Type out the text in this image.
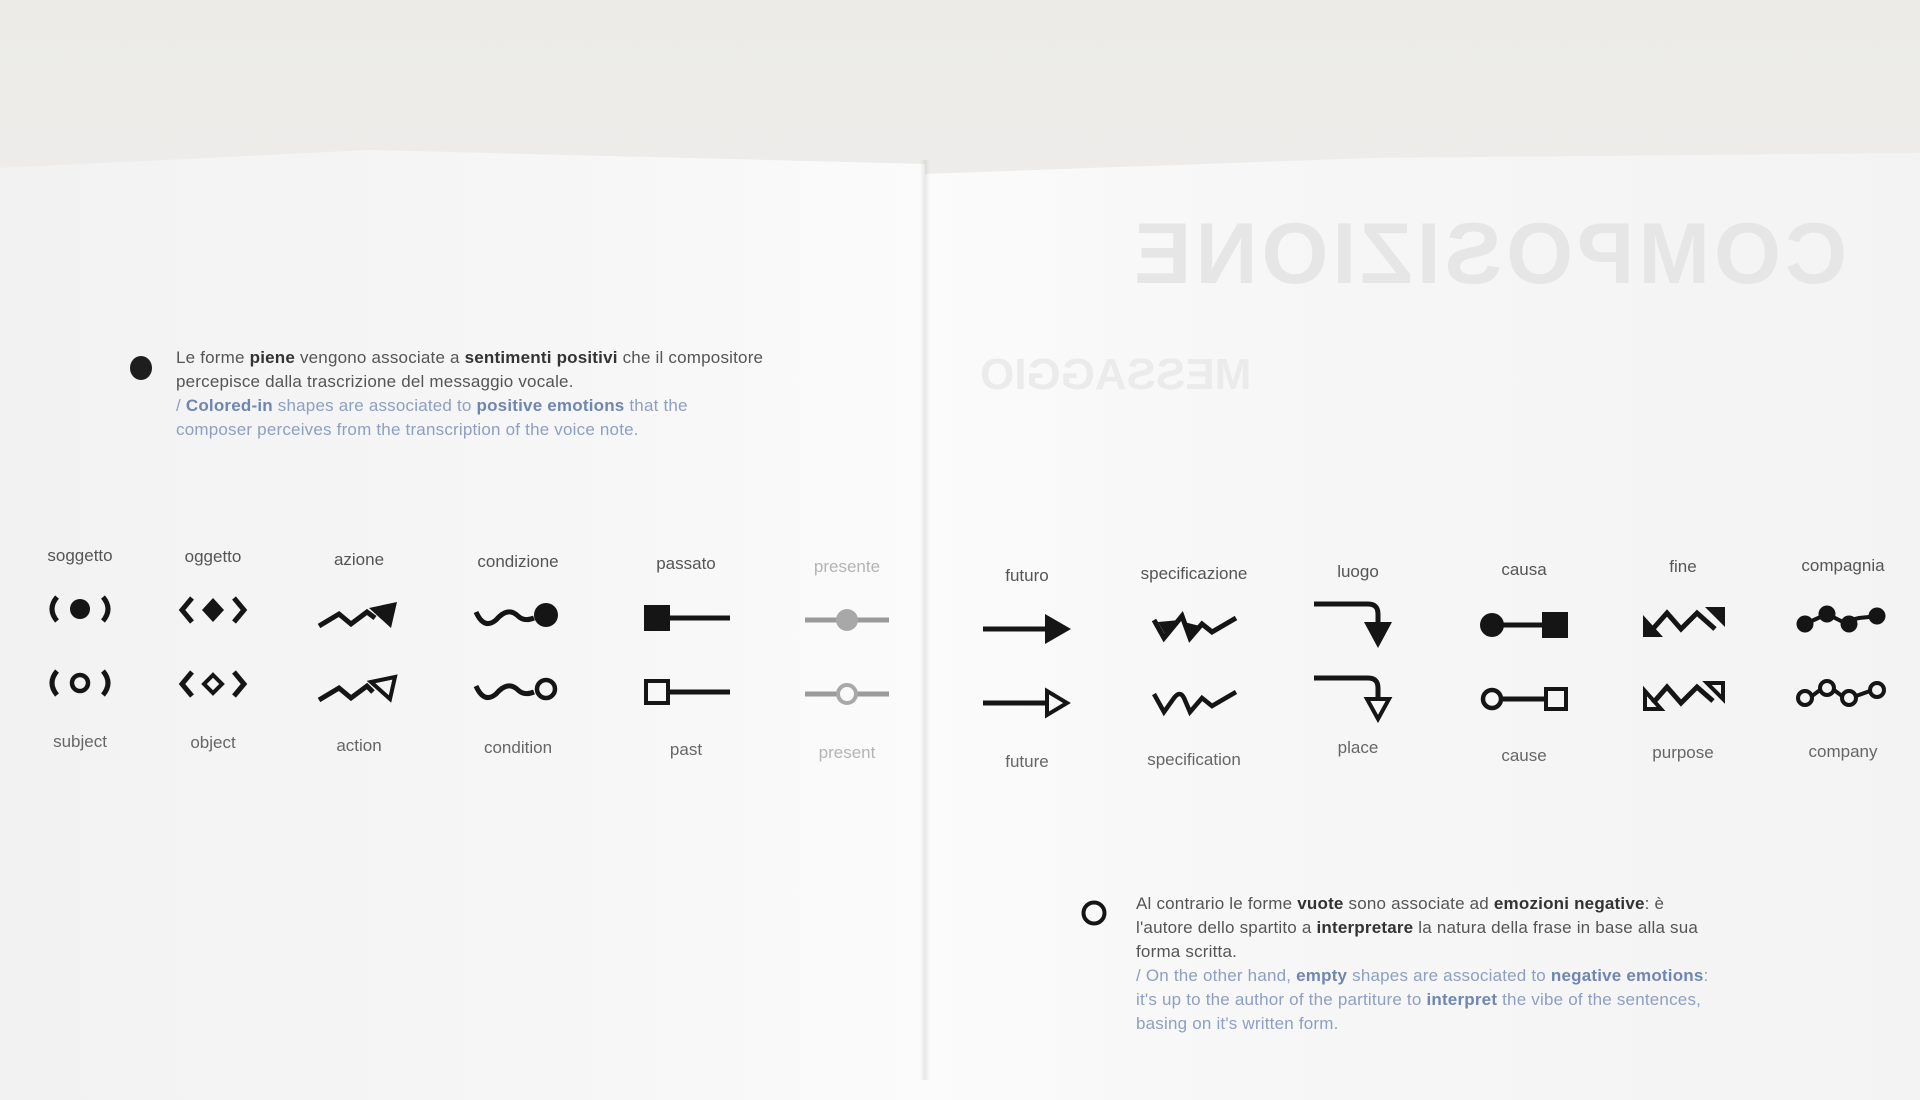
COMPOSIZIONE
MESSAGGIO
Le forme piene vengono associate a sentimenti positivi che il compositore percepisce dalla trascrizione del messaggio vocale.
/ Colored-in shapes are associated to positive emotions that the composer perceives from the transcription of the voice note.
Al contrario le forme vuote sono associate ad emozioni negative: è l'autore dello spartito a interpretare la natura della frase in base alla sua forma scritta.
/ On the other hand, empty shapes are associated to negative emotions: it's up to the author of the partiture to interpret the vibe of the sentences, basing on it's written form.
soggetto
subject
oggetto
object
azione
action
condizione
condition
passato
past
presente
present
futuro
future
specificazione
specification
luogo
place
causa
cause
fine
purpose
compagnia
company
